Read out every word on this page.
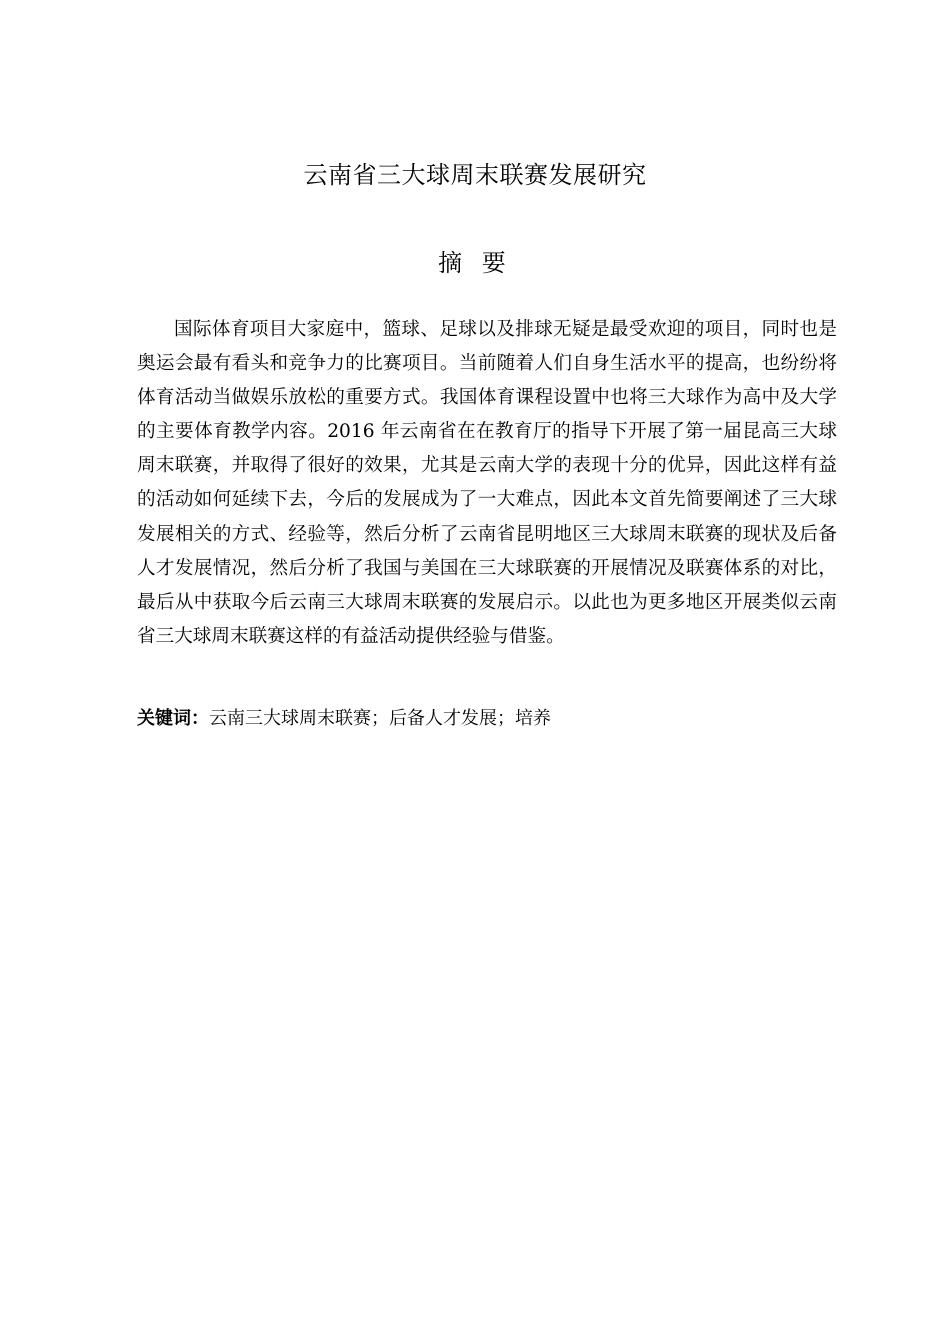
云南省三大球周末联赛发展研究
摘 要

国际体育项目大家庭中，篮球、足球以及排球无疑是最受欢迎的项目，同时也是奥运会最有看头和竞争力的比赛项目。当前随着人们自身生活水平的提高，也纷纷将体育活动当做娱乐放松的重要方式。我国体育课程设置中也将三大球作为高中及大学的主要体育教学内容。2016 年云南省在在教育厅的指导下开展了第一届昆高三大球周末联赛，并取得了很好的效果，尤其是云南大学的表现十分的优异，因此这样有益的活动如何延续下去，今后的发展成为了一大难点，因此本文首先简要阐述了三大球发展相关的方式、经验等，然后分析了云南省昆明地区三大球周末联赛的现状及后备人才发展情况，然后分析了我国与美国在三大球联赛的开展情况及联赛体系的对比，最后从中获取今后云南三大球周末联赛的发展启示。以此也为更多地区开展类似云南省三大球周末联赛这样的有益活动提供经验与借鉴。

关键词：云南三大球周末联赛；后备人才发展；培养
